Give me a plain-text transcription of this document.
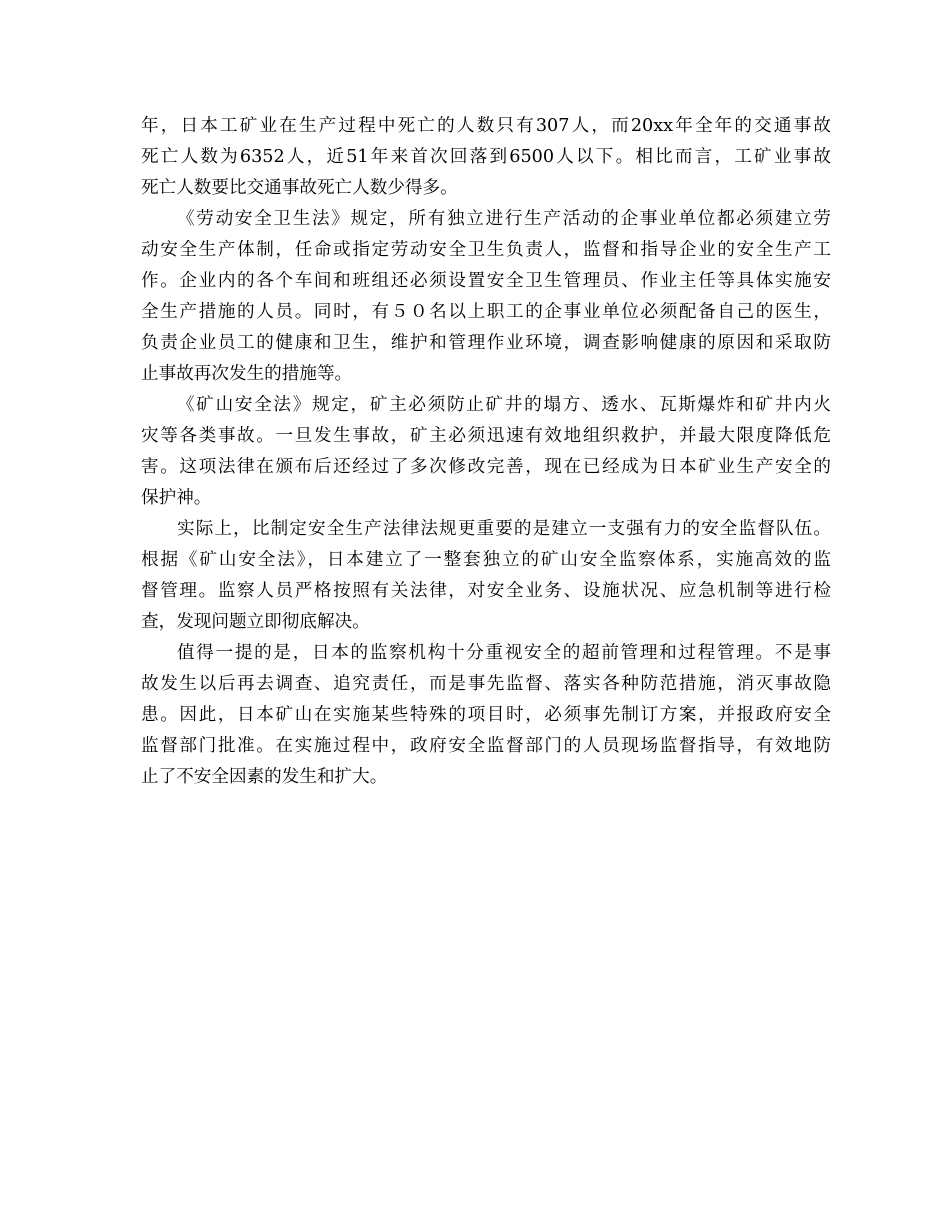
年，日本工矿业在生产过程中死亡的人数只有307人，而20xx年全年的交通事故
死亡人数为6352人，近51年来首次回落到6500人以下。相比而言，工矿业事故
死亡人数要比交通事故死亡人数少得多。
《劳动安全卫生法》规定，所有独立进行生产活动的企事业单位都必须建立劳
动安全生产体制，任命或指定劳动安全卫生负责人，监督和指导企业的安全生产工
作。企业内的各个车间和班组还必须设置安全卫生管理员、作业主任等具体实施安
全生产措施的人员。同时，有５０名以上职工的企事业单位必须配备自己的医生，
负责企业员工的健康和卫生，维护和管理作业环境，调查影响健康的原因和采取防
止事故再次发生的措施等。
《矿山安全法》规定，矿主必须防止矿井的塌方、透水、瓦斯爆炸和矿井内火
灾等各类事故。一旦发生事故，矿主必须迅速有效地组织救护，并最大限度降低危
害。这项法律在颁布后还经过了多次修改完善，现在已经成为日本矿业生产安全的
保护神。
实际上，比制定安全生产法律法规更重要的是建立一支强有力的安全监督队伍。
根据《矿山安全法》，日本建立了一整套独立的矿山安全监察体系，实施高效的监
督管理。监察人员严格按照有关法律，对安全业务、设施状况、应急机制等进行检
查，发现问题立即彻底解决。
值得一提的是，日本的监察机构十分重视安全的超前管理和过程管理。不是事
故发生以后再去调查、追究责任，而是事先监督、落实各种防范措施，消灭事故隐
患。因此，日本矿山在实施某些特殊的项目时，必须事先制订方案，并报政府安全
监督部门批准。在实施过程中，政府安全监督部门的人员现场监督指导，有效地防
止了不安全因素的发生和扩大。
